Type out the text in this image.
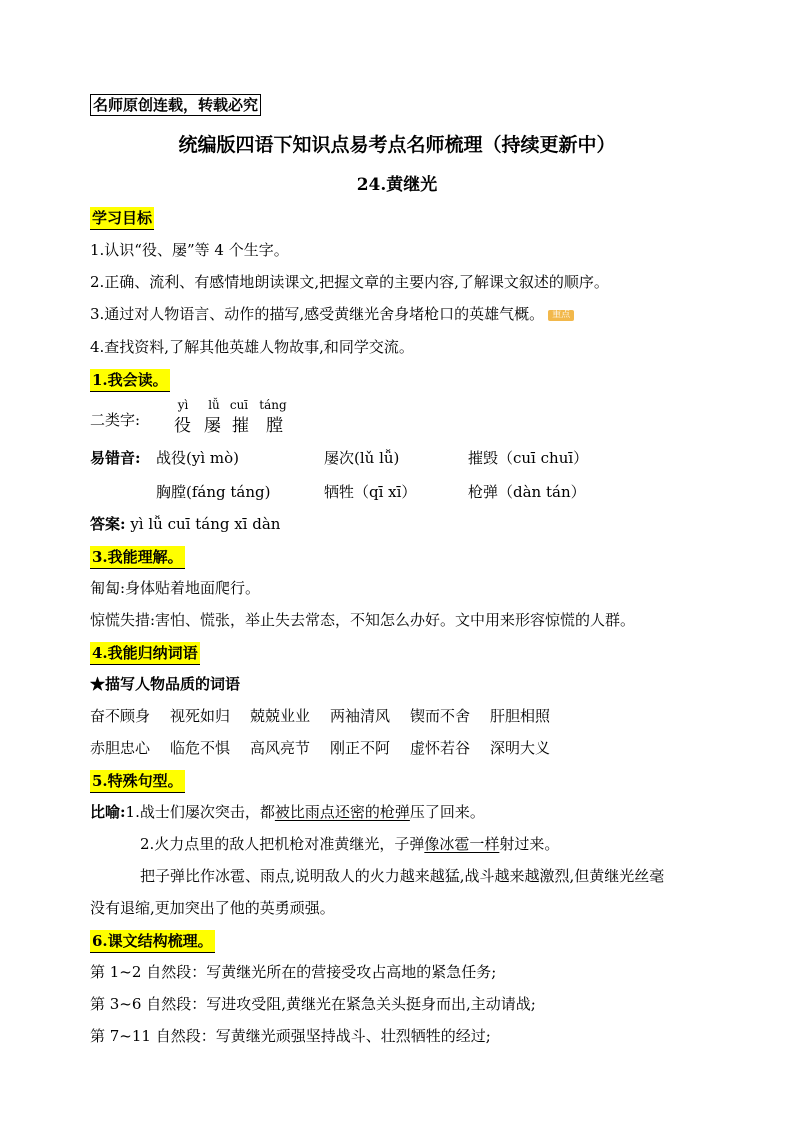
名师原创连载，转载必究
统编版四语下知识点易考点名师梳理（持续更新中）
24.黄继光
学习目标
1.认识“役、屡”等 4 个生字。
2.正确、流利、有感情地朗读课文,把握文章的主要内容,了解课文叙述的顺序。
3.通过对人物语言、动作的描写,感受黄继光舍身堵枪口的英雄气概。 重点
4.查找资料,了解其他英雄人物故事,和同学交流。
1.我会读。
二类字:
yì	lǚ cuī táng
役 屡 摧 膛
易错音: 战役(yì mò)	屡次(lǔ lǚ)	摧毁（cuī chuī）
胸膛(fáng táng)	牺牲（qī xī）	枪弹（dàn tán）
答案: yì lǚ cuī táng xī dàn
3.我能理解。
匍匐:身体贴着地面爬行。
惊慌失措:害怕、慌张，举止失去常态，不知怎么办好。文中用来形容惊慌的人群。
4.我能归纳词语
★描写人物品质的词语
奋不顾身 视死如归 兢兢业业 两袖清风 锲而不舍 肝胆相照
赤胆忠心 临危不惧 高风亮节 刚正不阿 虚怀若谷 深明大义
5.特殊句型。
比喻:1.战士们屡次突击，都被比雨点还密的枪弹压了回来。
2.火力点里的敌人把机枪对准黄继光，子弹像冰雹一样射过来。
把子弹比作冰雹、雨点,说明敌人的火力越来越猛,战斗越来越激烈,但黄继光丝毫
没有退缩,更加突出了他的英勇顽强。
6.课文结构梳理。
第 1~2 自然段：写黄继光所在的营接受攻占高地的紧急任务;
第 3~6 自然段：写进攻受阻,黄继光在紧急关头挺身而出,主动请战;
第 7~11 自然段：写黄继光顽强坚持战斗、壮烈牺牲的经过;
